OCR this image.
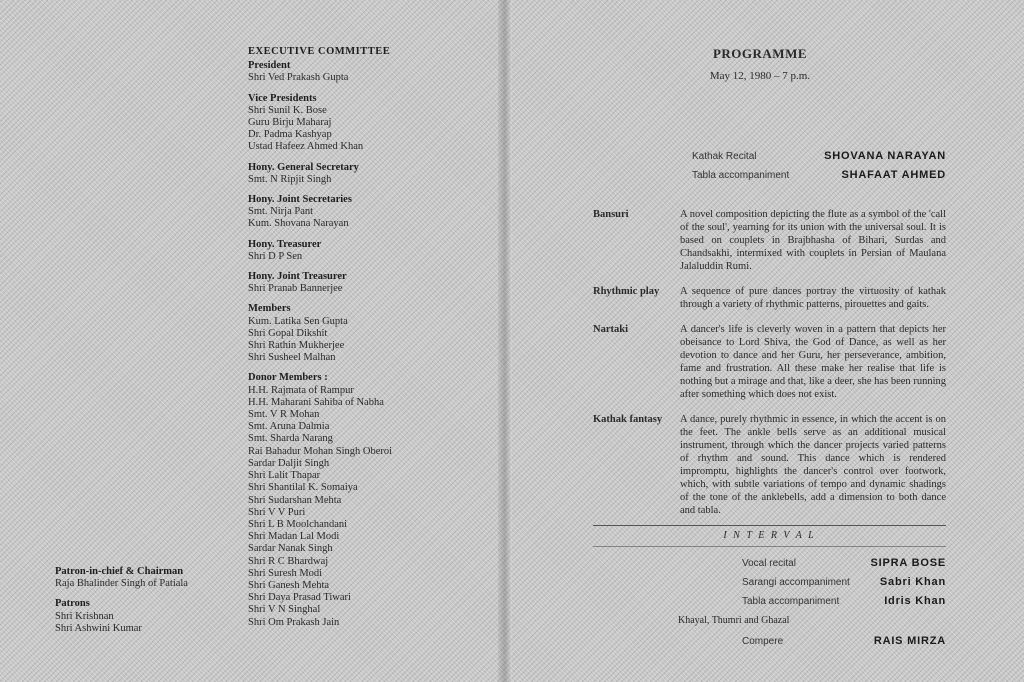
EXECUTIVE COMMITTEE
President
Shri Ved Prakash Gupta
Vice Presidents
Shri Sunil K. Bose
Guru Birju Maharaj
Dr. Padma Kashyap
Ustad Hafeez Ahmed Khan
Hony. General Secretary
Smt. N Ripjit Singh
Hony. Joint Secretaries
Smt. Nirja Pant
Kum. Shovana Narayan
Hony. Treasurer
Shri D P Sen
Hony. Joint Treasurer
Shri Pranab Bannerjee
Members
Kum. Latika Sen Gupta
Shri Gopal Dikshit
Shri Rathin Mukherjee
Shri Susheel Malhan
Donor Members :
H.H. Rajmata of Rampur
H.H. Maharani Sahiba of Nabha
Smt. V R Mohan
Smt. Aruna Dalmia
Smt. Sharda Narang
Rai Bahadur Mohan Singh Oberoi
Sardar Daljit Singh
Shri Lalit Thapar
Shri Shantilal K. Somaiya
Shri Sudarshan Mehta
Shri V V Puri
Shri L B Moolchandani
Shri Madan Lal Modi
Sardar Nanak Singh
Shri R C Bhardwaj
Shri Suresh Modi
Shri Ganesh Mehta
Shri Daya Prasad Tiwari
Shri V N Singhal
Shri Om Prakash Jain
Patron-in-chief & Chairman
Raja Bhalinder Singh of Patiala
Patrons
Shri Krishnan
Shri Ashwini Kumar
PROGRAMME
May 12, 1980 – 7 p.m.
Kathak Recital	SHOVANA NARAYAN
Tabla accompaniment	SHAFAAT AHMED
Bansuri	A novel composition depicting the flute as a symbol of the 'call of the soul', yearning for its union with the universal soul. It is based on couplets in Brajbhasha of Bihari, Surdas and Chandsakhi, intermixed with couplets in Persian of Maulana Jalaluddin Rumi.
Rhythmic play	A sequence of pure dances portray the virtuosity of kathak through a variety of rhythmic patterns, pirouettes and gaits.
Nartaki	A dancer's life is cleverly woven in a pattern that depicts her obeisance to Lord Shiva, the God of Dance, as well as her devotion to dance and her Guru, her perseverance, ambition, fame and frustration. All these make her realise that life is nothing but a mirage and that, like a deer, she has been running after something which does not exist.
Kathak fantasy	A dance, purely rhythmic in essence, in which the accent is on the feet. The ankle bells serve as an additional musical instrument, through which the dancer projects varied patterns of rhythm and sound. This dance which is rendered impromptu, highlights the dancer's control over footwork, which, with subtle variations of tempo and dynamic shadings of the tone of the anklebells, add a dimension to both dance and tabla.
I N T E R V A L
Vocal recital	SIPRA BOSE
Sarangi accompaniment	Sabri Khan
Tabla accompaniment	Idris Khan
Khayal, Thumri and Ghazal
Compere	RAIS MIRZA
